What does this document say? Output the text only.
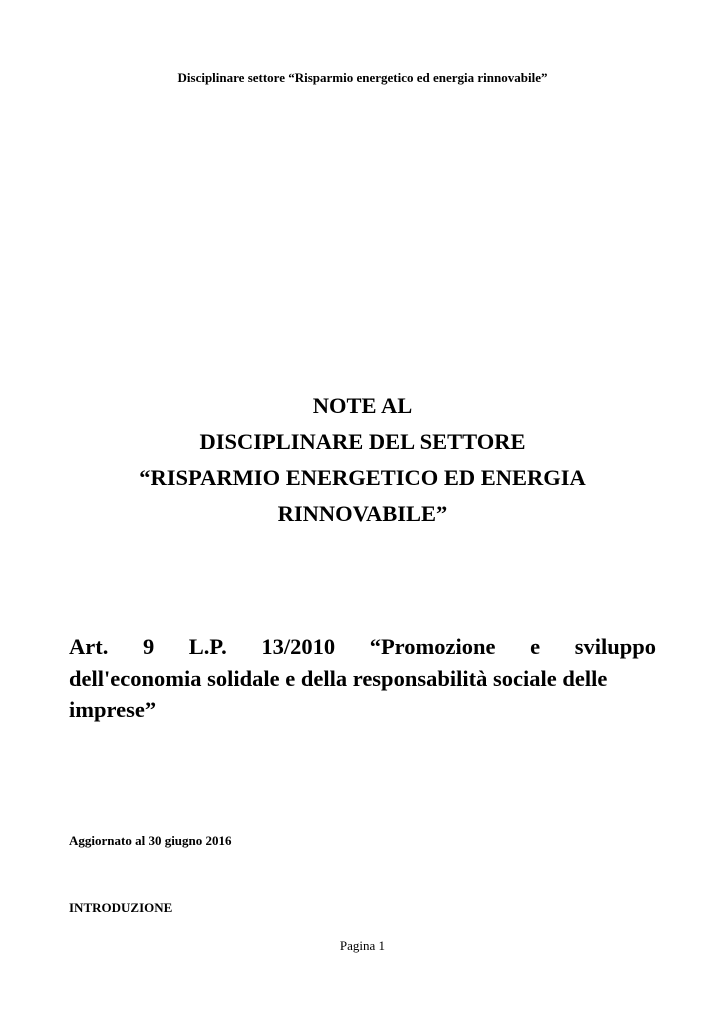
Disciplinare settore “Risparmio energetico ed energia rinnovabile”
NOTE AL
DISCIPLINARE DEL SETTORE
“RISPARMIO ENERGETICO ED ENERGIA
RINNOVABILE”
Art. 9 L.P. 13/2010 “Promozione e sviluppo
dell'economia solidale e della responsabilità sociale delle
imprese”
Aggiornato al 30 giugno 2016
INTRODUZIONE
Pagina 1
